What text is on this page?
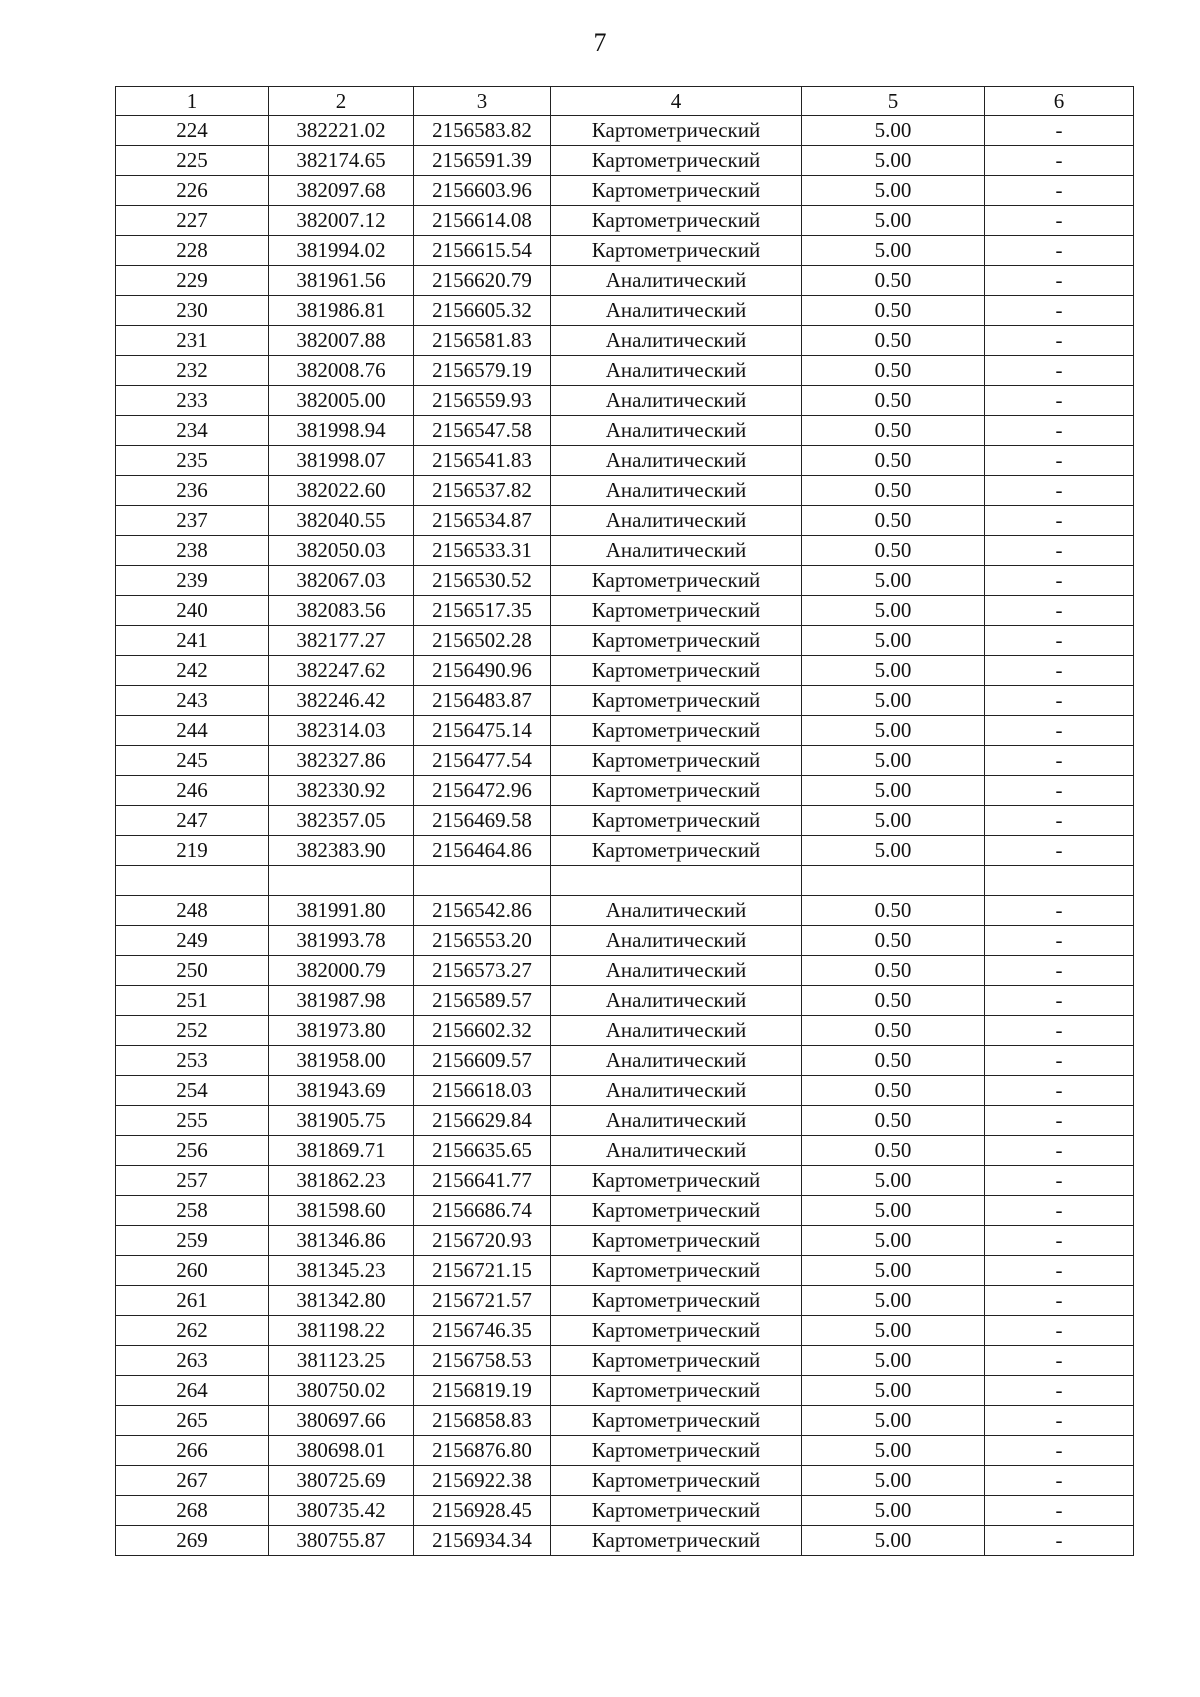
7
1	2	3	4	5	6
224	382221.02	2156583.82	Картометрический	5.00	-
225	382174.65	2156591.39	Картометрический	5.00	-
226	382097.68	2156603.96	Картометрический	5.00	-
227	382007.12	2156614.08	Картометрический	5.00	-
228	381994.02	2156615.54	Картометрический	5.00	-
229	381961.56	2156620.79	Аналитический	0.50	-
230	381986.81	2156605.32	Аналитический	0.50	-
231	382007.88	2156581.83	Аналитический	0.50	-
232	382008.76	2156579.19	Аналитический	0.50	-
233	382005.00	2156559.93	Аналитический	0.50	-
234	381998.94	2156547.58	Аналитический	0.50	-
235	381998.07	2156541.83	Аналитический	0.50	-
236	382022.60	2156537.82	Аналитический	0.50	-
237	382040.55	2156534.87	Аналитический	0.50	-
238	382050.03	2156533.31	Аналитический	0.50	-
239	382067.03	2156530.52	Картометрический	5.00	-
240	382083.56	2156517.35	Картометрический	5.00	-
241	382177.27	2156502.28	Картометрический	5.00	-
242	382247.62	2156490.96	Картометрический	5.00	-
243	382246.42	2156483.87	Картометрический	5.00	-
244	382314.03	2156475.14	Картометрический	5.00	-
245	382327.86	2156477.54	Картометрический	5.00	-
246	382330.92	2156472.96	Картометрический	5.00	-
247	382357.05	2156469.58	Картометрический	5.00	-
219	382383.90	2156464.86	Картометрический	5.00	-

248	381991.80	2156542.86	Аналитический	0.50	-
249	381993.78	2156553.20	Аналитический	0.50	-
250	382000.79	2156573.27	Аналитический	0.50	-
251	381987.98	2156589.57	Аналитический	0.50	-
252	381973.80	2156602.32	Аналитический	0.50	-
253	381958.00	2156609.57	Аналитический	0.50	-
254	381943.69	2156618.03	Аналитический	0.50	-
255	381905.75	2156629.84	Аналитический	0.50	-
256	381869.71	2156635.65	Аналитический	0.50	-
257	381862.23	2156641.77	Картометрический	5.00	-
258	381598.60	2156686.74	Картометрический	5.00	-
259	381346.86	2156720.93	Картометрический	5.00	-
260	381345.23	2156721.15	Картометрический	5.00	-
261	381342.80	2156721.57	Картометрический	5.00	-
262	381198.22	2156746.35	Картометрический	5.00	-
263	381123.25	2156758.53	Картометрический	5.00	-
264	380750.02	2156819.19	Картометрический	5.00	-
265	380697.66	2156858.83	Картометрический	5.00	-
266	380698.01	2156876.80	Картометрический	5.00	-
267	380725.69	2156922.38	Картометрический	5.00	-
268	380735.42	2156928.45	Картометрический	5.00	-
269	380755.87	2156934.34	Картометрический	5.00	-
